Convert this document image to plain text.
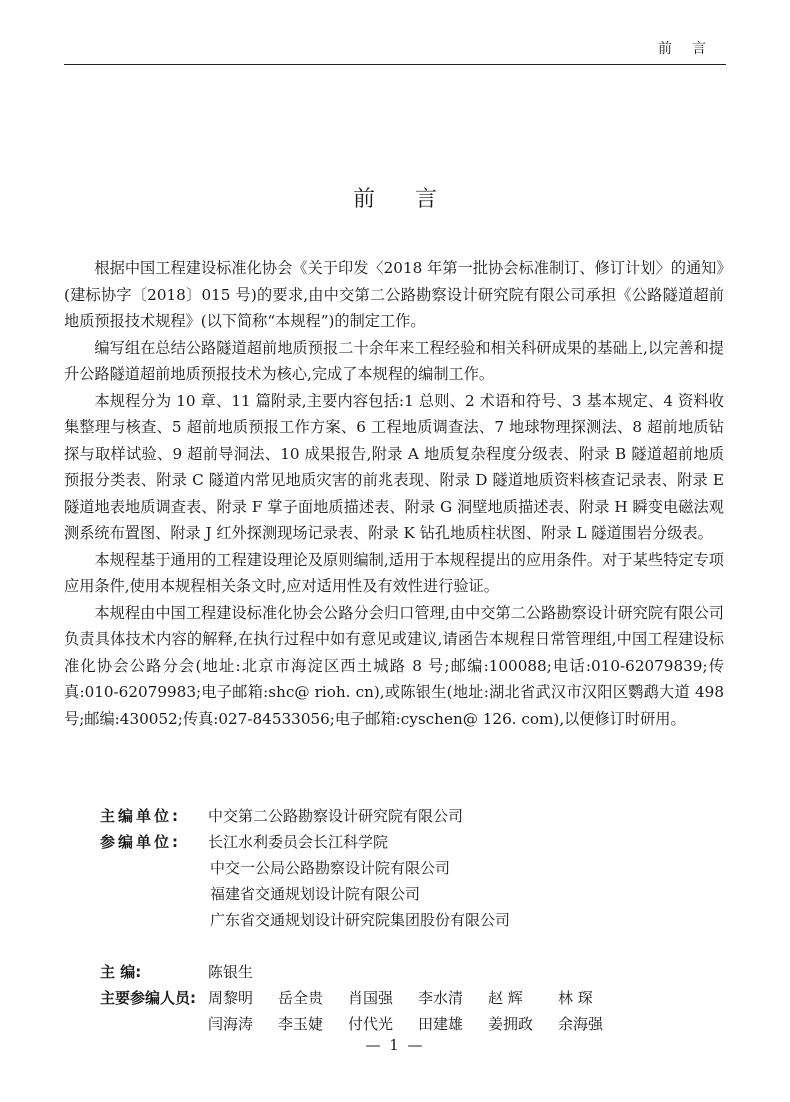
前言
前言

根据中国工程建设标准化协会《关于印发〈2018 年第一批协会标准制订、修订计划〉的通知》(建标协字〔2018〕015 号)的要求,由中交第二公路勘察设计研究院有限公司承担《公路隧道超前地质预报技术规程》(以下简称“本规程”)的制定工作。

编写组在总结公路隧道超前地质预报二十余年来工程经验和相关科研成果的基础上,以完善和提升公路隧道超前地质预报技术为核心,完成了本规程的编制工作。

本规程分为 10 章、11 篇附录,主要内容包括:1 总则、2 术语和符号、3 基本规定、4 资料收集整理与核查、5 超前地质预报工作方案、6 工程地质调查法、7 地球物理探测法、8 超前地质钻探与取样试验、9 超前导洞法、10 成果报告,附录 A 地质复杂程度分级表、附录 B 隧道超前地质预报分类表、附录 C 隧道内常见地质灾害的前兆表现、附录 D 隧道地质资料核查记录表、附录 E 隧道地表地质调查表、附录 F 掌子面地质描述表、附录 G 洞壁地质描述表、附录 H 瞬变电磁法观测系统布置图、附录 J 红外探测现场记录表、附录 K 钻孔地质柱状图、附录 L 隧道围岩分级表。

本规程基于通用的工程建设理论及原则编制,适用于本规程提出的应用条件。对于某些特定专项应用条件,使用本规程相关条文时,应对适用性及有效性进行验证。

本规程由中国工程建设标准化协会公路分会归口管理,由中交第二公路勘察设计研究院有限公司负责具体技术内容的解释,在执行过程中如有意见或建议,请函告本规程日常管理组,中国工程建设标准化协会公路分会(地址:北京市海淀区西土城路 8 号;邮编:100088;电话:010-62079839;传真:010-62079983;电子邮箱:shc@ rioh. cn),或陈银生(地址:湖北省武汉市汉阳区鹦鹉大道 498 号;邮编:430052;传真:027-84533056;电子邮箱:cyschen@ 126. com),以便修订时研用。

主编单位:	中交第二公路勘察设计研究院有限公司
参编单位:	长江水利委员会长江科学院
中交一公局公路勘察设计院有限公司
福建省交通规划设计院有限公司
广东省交通规划设计研究院集团股份有限公司
主 编:	陈银生
主要参编人员: 周黎明	岳全贵	肖国强	李水清	赵 辉	林 琛
闫海涛	李玉婕	付代光	田建雄	姜拥政	余海强
— 1 —
